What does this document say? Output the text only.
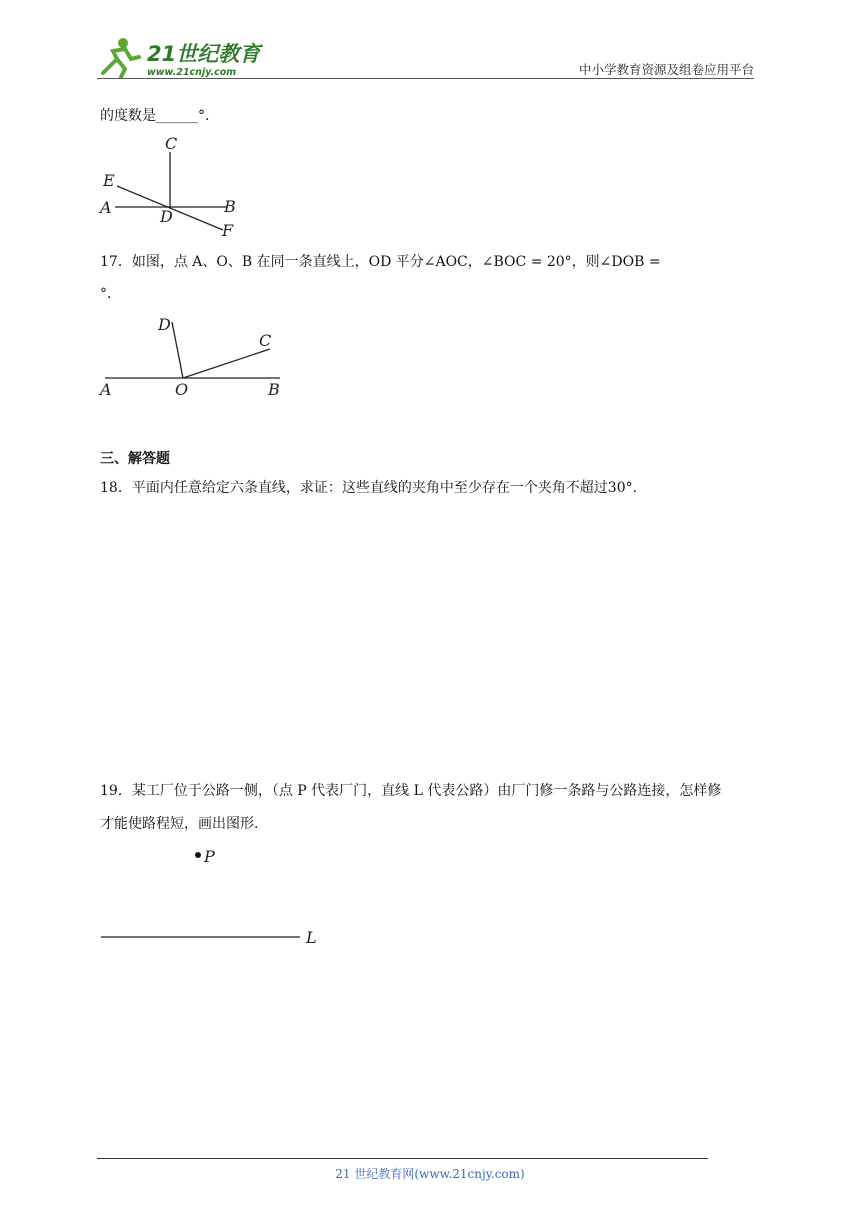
21世纪教育
www.21cnjy.com	中小学教育资源及组卷应用平台
的度数是______°.
C
E
A	D
B
F
17．如图，点 A、O、B 在同一条直线上，OD 平分∠AOC，∠BOC = 20°，则∠DOB =
°.
D
C
A	O	B
三、解答题
18．平面内任意给定六条直线，求证：这些直线的夹角中至少存在一个夹角不超过30°.
19．某工厂位于公路一侧，（点 P 代表厂门，直线 L 代表公路）由厂门修一条路与公路连接，怎样修
才能使路程短，画出图形.
P
L
21 世纪教育网(www.21cnjy.com)
